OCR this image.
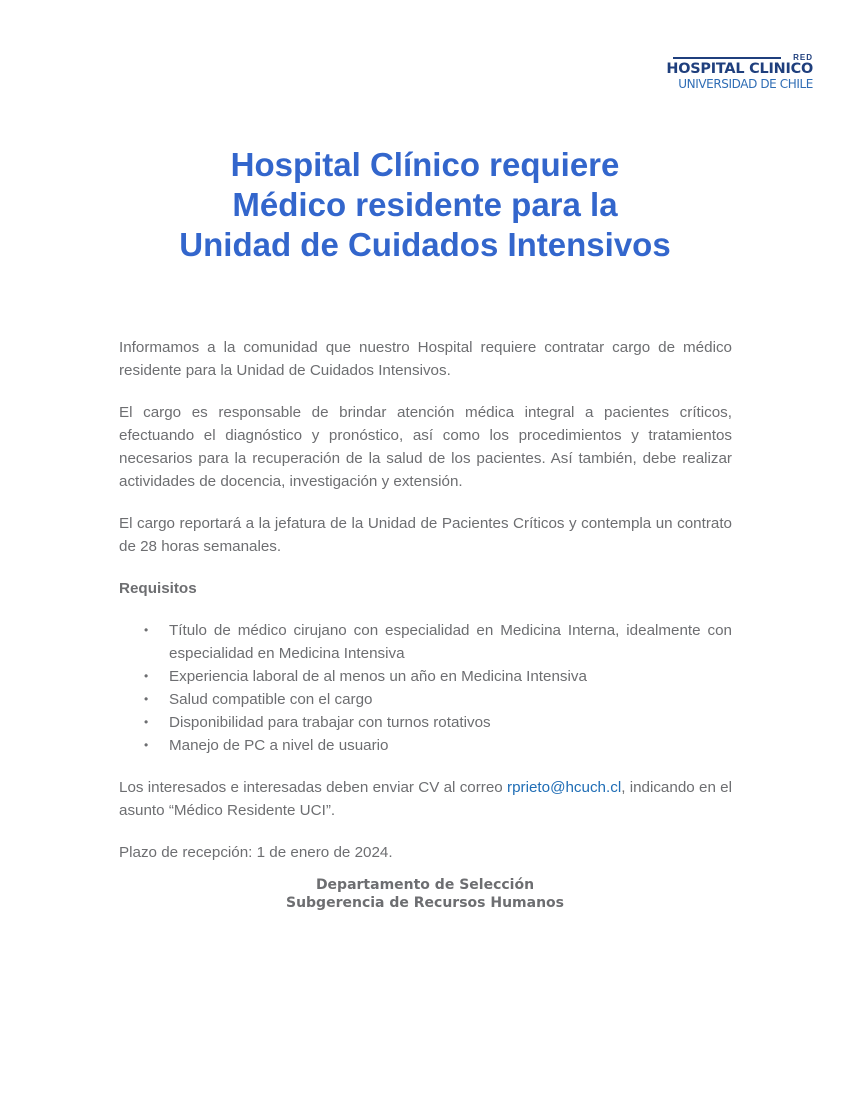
RED
HOSPITAL CLINICO
UNIVERSIDAD DE CHILE
Hospital Clínico requiere
Médico residente para la
Unidad de Cuidados Intensivos

Informamos a la comunidad que nuestro Hospital requiere contratar cargo de médico residente para la Unidad de Cuidados Intensivos.

El cargo es responsable de brindar atención médica integral a pacientes críticos, efectuando el diagnóstico y pronóstico, así como los procedimientos y tratamientos necesarios para la recuperación de la salud de los pacientes. Así también, debe realizar actividades de docencia, investigación y extensión.

El cargo reportará a la jefatura de la Unidad de Pacientes Críticos y contempla un contrato de 28 horas semanales.

Requisitos

• Título de médico cirujano con especialidad en Medicina Interna, idealmente con especialidad en Medicina Intensiva
• Experiencia laboral de al menos un año en Medicina Intensiva
• Salud compatible con el cargo
• Disponibilidad para trabajar con turnos rotativos
• Manejo de PC a nivel de usuario

Los interesados e interesadas deben enviar CV al correo rprieto@hcuch.cl, indicando en el asunto “Médico Residente UCI”.

Plazo de recepción: 1 de enero de 2024.

Departamento de Selección
Subgerencia de Recursos Humanos
